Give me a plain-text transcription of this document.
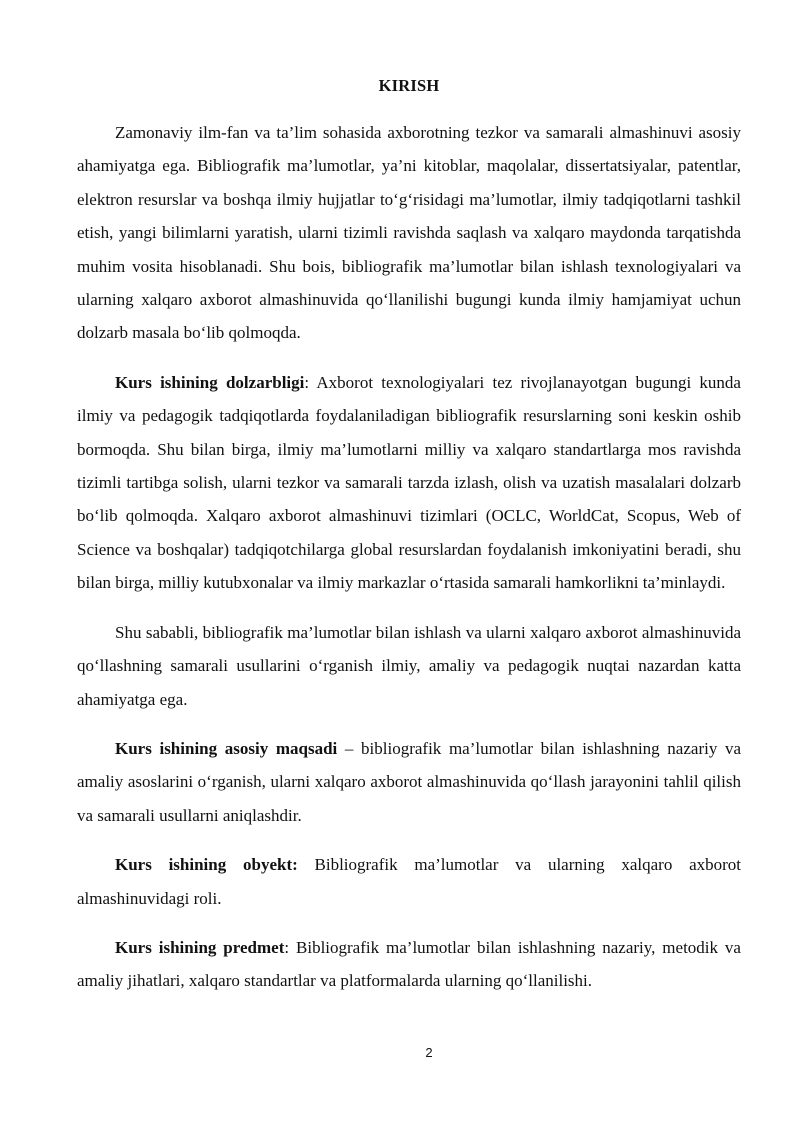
KIRISH

Zamonaviy ilm-fan va ta’lim sohasida axborotning tezkor va samarali almashinuvi asosiy ahamiyatga ega. Bibliografik ma’lumotlar, ya’ni kitoblar, maqolalar, dissertatsiyalar, patentlar, elektron resurslar va boshqa ilmiy hujjatlar to‘g‘risidagi ma’lumotlar, ilmiy tadqiqotlarni tashkil etish, yangi bilimlarni yaratish, ularni tizimli ravishda saqlash va xalqaro maydonda tarqatishda muhim vosita hisoblanadi. Shu bois, bibliografik ma’lumotlar bilan ishlash texnologiyalari va ularning xalqaro axborot almashinuvida qo‘llanilishi bugungi kunda ilmiy hamjamiyat uchun dolzarb masala bo‘lib qolmoqda.

Kurs ishining dolzarbligi: Axborot texnologiyalari tez rivojlanayotgan bugungi kunda ilmiy va pedagogik tadqiqotlarda foydalaniladigan bibliografik resurslarning soni keskin oshib bormoqda. Shu bilan birga, ilmiy ma’lumotlarni milliy va xalqaro standartlarga mos ravishda tizimli tartibga solish, ularni tezkor va samarali tarzda izlash, olish va uzatish masalalari dolzarb bo‘lib qolmoqda. Xalqaro axborot almashinuvi tizimlari (OCLC, WorldCat, Scopus, Web of Science va boshqalar) tadqiqotchilarga global resurslardan foydalanish imkoniyatini beradi, shu bilan birga, milliy kutubxonalar va ilmiy markazlar o‘rtasida samarali hamkorlikni ta’minlaydi.

Shu sababli, bibliografik ma’lumotlar bilan ishlash va ularni xalqaro axborot almashinuvida qo‘llashning samarali usullarini o‘rganish ilmiy, amaliy va pedagogik nuqtai nazardan katta ahamiyatga ega.

Kurs ishining asosiy maqsadi – bibliografik ma’lumotlar bilan ishlashning nazariy va amaliy asoslarini o‘rganish, ularni xalqaro axborot almashinuvida qo‘llash jarayonini tahlil qilish va samarali usullarni aniqlashdir.

Kurs ishining obyekt: Bibliografik ma’lumotlar va ularning xalqaro axborot almashinuvidagi roli.

Kurs ishining predmet: Bibliografik ma’lumotlar bilan ishlashning nazariy, metodik va amaliy jihatlari, xalqaro standartlar va platformalarda ularning qo‘llanilishi.

2
